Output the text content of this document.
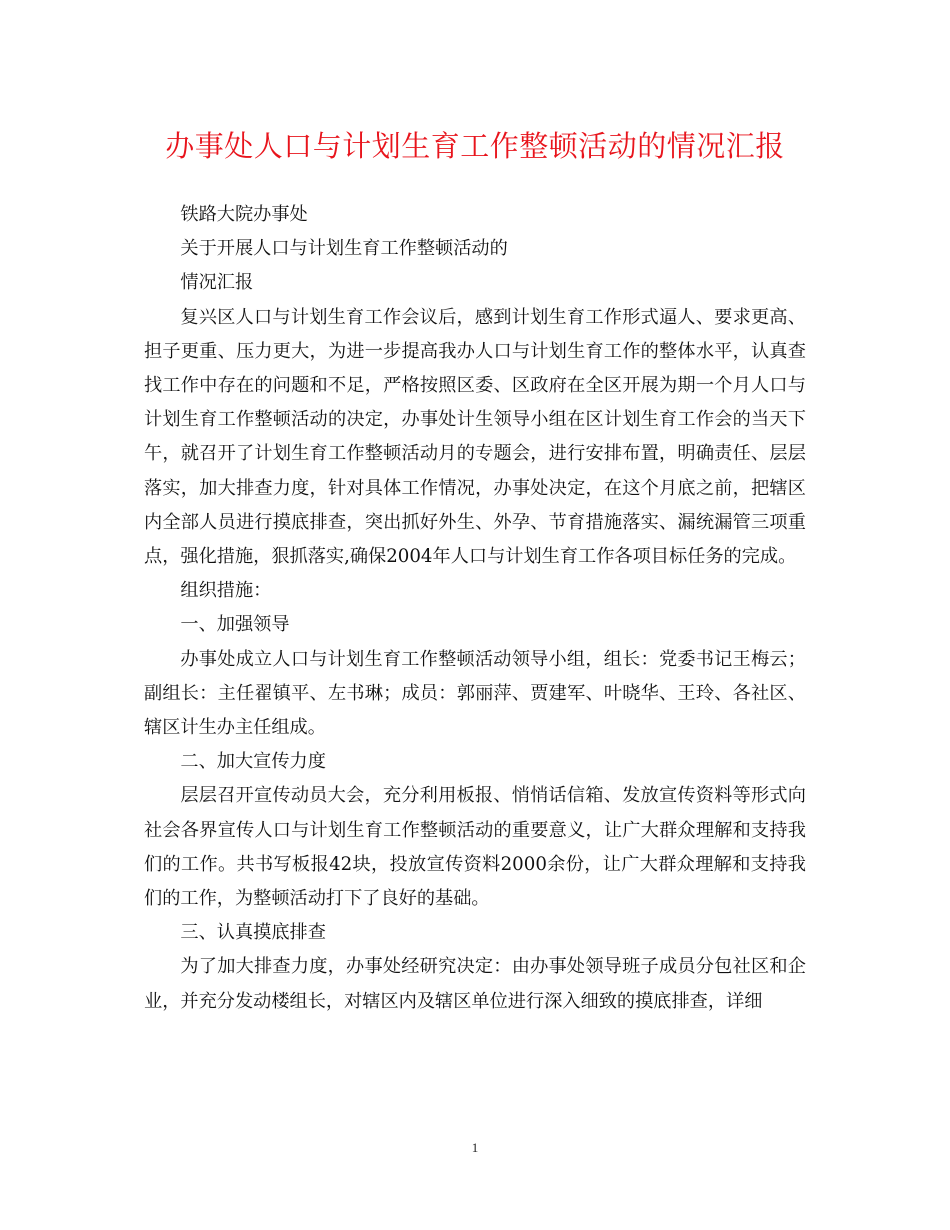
办事处人口与计划生育工作整顿活动的情况汇报

铁路大院办事处

关于开展人口与计划生育工作整顿活动的

情况汇报

复兴区人口与计划生育工作会议后，感到计划生育工作形式逼人、要求更高、担子更重、压力更大，为进一步提高我办人口与计划生育工作的整体水平，认真查找工作中存在的问题和不足，严格按照区委、区政府在全区开展为期一个月人口与计划生育工作整顿活动的决定，办事处计生领导小组在区计划生育工作会的当天下午，就召开了计划生育工作整顿活动月的专题会，进行安排布置，明确责任、层层落实，加大排查力度，针对具体工作情况，办事处决定，在这个月底之前，把辖区内全部人员进行摸底排查，突出抓好外生、外孕、节育措施落实、漏统漏管三项重点，强化措施，狠抓落实,确保2004年人口与计划生育工作各项目标任务的完成。

组织措施：

一、加强领导

办事处成立人口与计划生育工作整顿活动领导小组，组长：党委书记王梅云；副组长：主任翟镇平、左书琳；成员：郭丽萍、贾建军、叶晓华、王玲、各社区、辖区计生办主任组成。

二、加大宣传力度

层层召开宣传动员大会，充分利用板报、悄悄话信箱、发放宣传资料等形式向社会各界宣传人口与计划生育工作整顿活动的重要意义，让广大群众理解和支持我们的工作。共书写板报42块，投放宣传资料2000余份，让广大群众理解和支持我们的工作，为整顿活动打下了良好的基础。

三、认真摸底排查

为了加大排查力度，办事处经研究决定：由办事处领导班子成员分包社区和企业，并充分发动楼组长，对辖区内及辖区单位进行深入细致的摸底排查，详细

1
